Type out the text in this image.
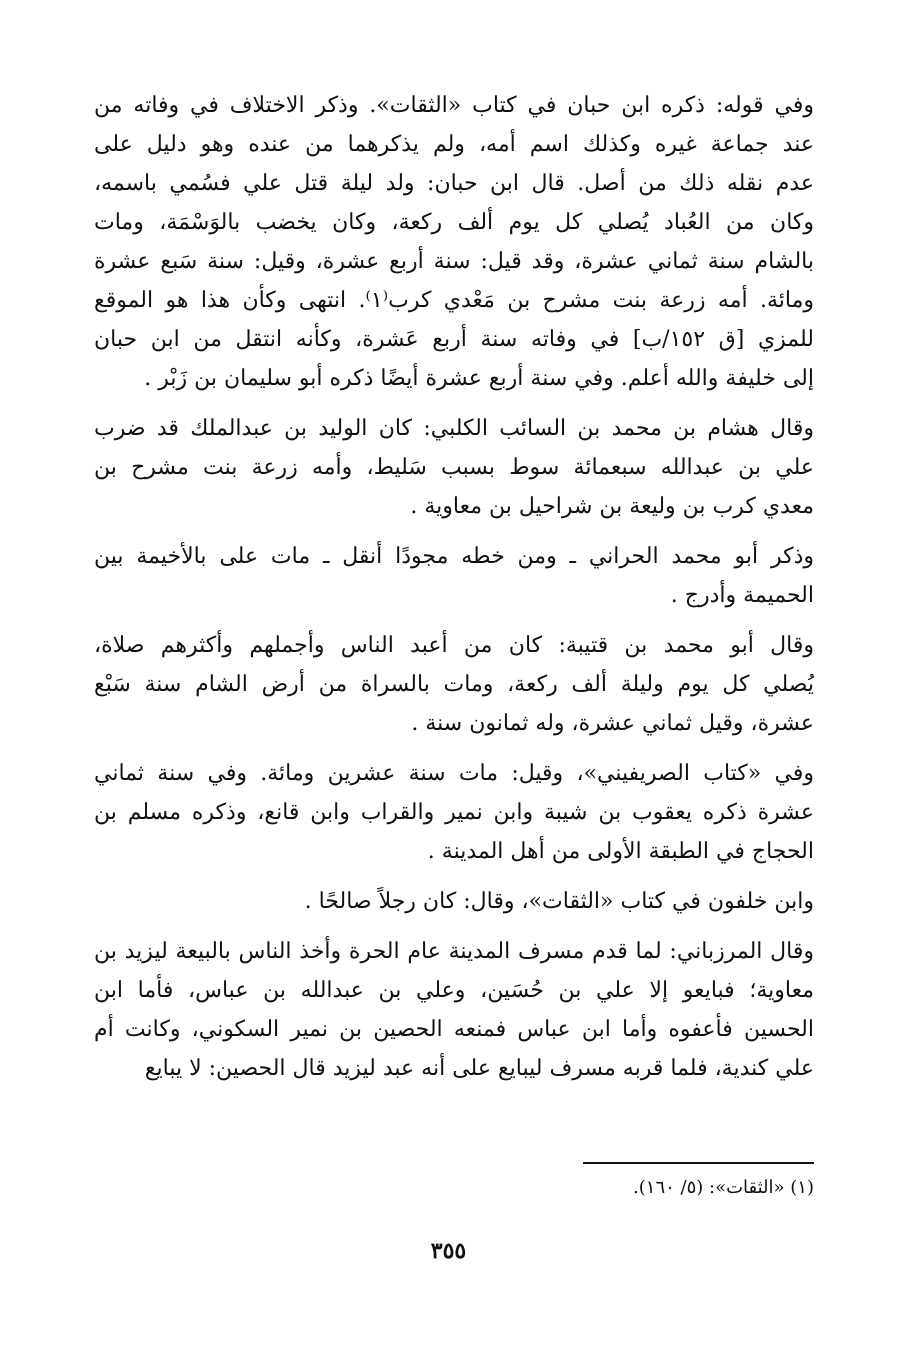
وفي قوله: ذكره ابن حبان في كتاب «الثقات». وذكر الاختلاف في وفاته من
عند جماعة غيره وكذلك اسم أمه، ولم يذكرهما من عنده وهو دليل على
عدم نقله ذلك من أصل. قال ابن حبان: ولد ليلة قتل علي فسُمي باسمه،
وكان من العُباد يُصلي كل يوم ألف ركعة، وكان يخضب بالوَسْمَة، ومات
بالشام سنة ثماني عشرة، وقد قيل: سنة أربع عشرة، وقيل: سنة سَبع عشرة
ومائة. أمه زرعة بنت مشرح بن مَعْدي كرب⁽١⁾. انتهى وكأن هذا هو الموقع
للمزي [ق ١٥٢/ب] في وفاته سنة أربع عَشرة، وكأنه انتقل من ابن حبان
إلى خليفة والله أعلم. وفي سنة أربع عشرة أيضًا ذكره أبو سليمان بن زَبْر .

وقال هشام بن محمد بن السائب الكلبي: كان الوليد بن عبدالملك قد ضرب
علي بن عبدالله سبعمائة سوط بسبب سَليط، وأمه زرعة بنت مشرح بن
معدي كرب بن وليعة بن شراحيل بن معاوية .

وذكر أبو محمد الحراني ـ ومن خطه مجودًا أنقل ـ مات على بالأخيمة بين
الحميمة وأدرج .

وقال أبو محمد بن قتيبة: كان من أعبد الناس وأجملهم وأكثرهم صلاة،
يُصلي كل يوم وليلة ألف ركعة، ومات بالسراة من أرض الشام سنة سَبْع
عشرة، وقيل ثماني عشرة، وله ثمانون سنة .

وفي «كتاب الصريفيني»، وقيل: مات سنة عشرين ومائة. وفي سنة ثماني
عشرة ذكره يعقوب بن شيبة وابن نمير والقراب وابن قانع، وذكره مسلم بن
الحجاج في الطبقة الأولى من أهل المدينة .

وابن خلفون في كتاب «الثقات»، وقال: كان رجلاً صالحًا .

وقال المرزباني: لما قدم مسرف المدينة عام الحرة وأخذ الناس بالبيعة ليزيد بن
معاوية؛ فبايعو إلا علي بن حُسَين، وعلي بن عبدالله بن عباس، فأما ابن
الحسين فأعفوه وأما ابن عباس فمنعه الحصين بن نمير السكوني، وكانت أم
علي كندية، فلما قربه مسرف ليبايع على أنه عبد ليزيد قال الحصين: لا يبايع

(١) «الثقات»: (٥/ ١٦٠).
٣٥٥
